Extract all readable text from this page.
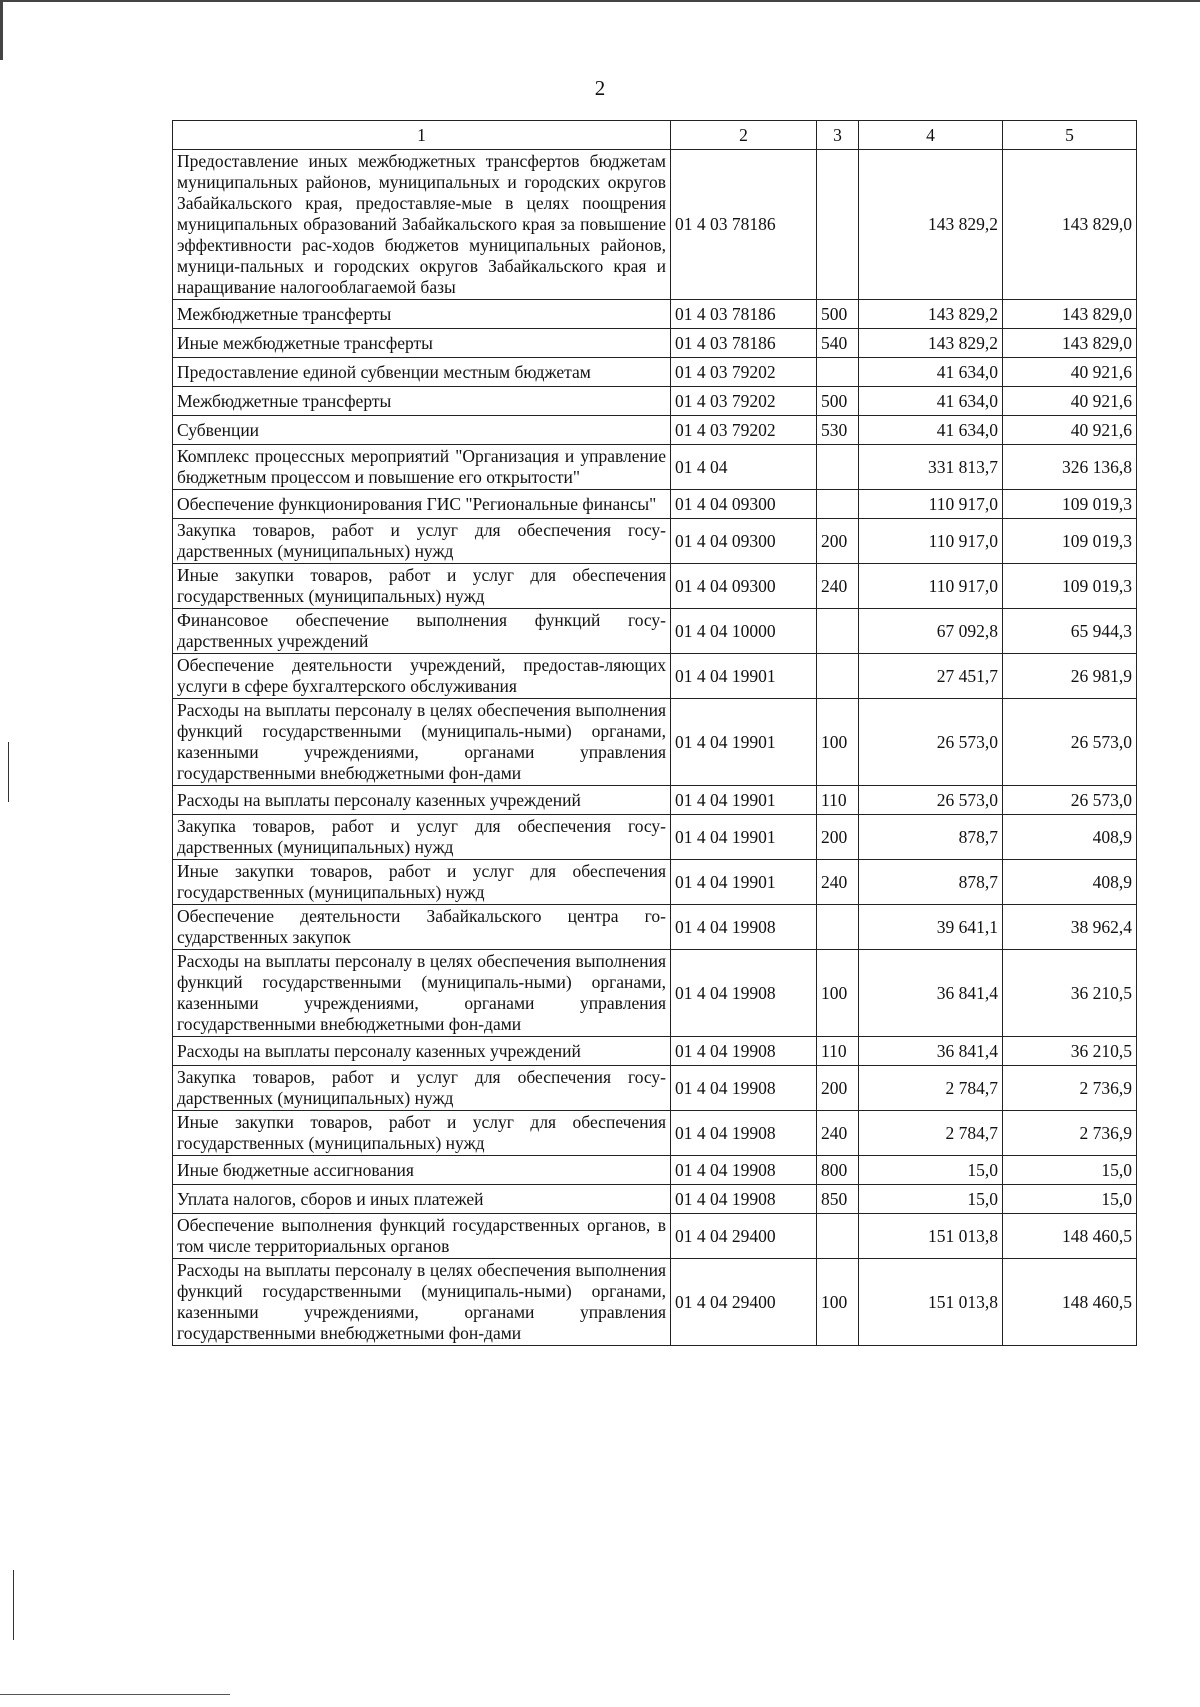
2
1	2	3	4	5
Предоставление иных межбюджетных трансфертов бюджетам муниципальных районов, муниципальных и городских округов Забайкальского края, предоставляе-мые в целях поощрения муниципальных образований Забайкальского края за повышение эффективности рас-ходов бюджетов муниципальных районов, муници-пальных и городских округов Забайкальского края и наращивание налогооблагаемой базы	01 4 03 78186		143 829,2	143 829,0
Межбюджетные трансферты	01 4 03 78186	500	143 829,2	143 829,0
Иные межбюджетные трансферты	01 4 03 78186	540	143 829,2	143 829,0
Предоставление единой субвенции местным бюджетам	01 4 03 79202		41 634,0	40 921,6
Межбюджетные трансферты	01 4 03 79202	500	41 634,0	40 921,6
Субвенции	01 4 03 79202	530	41 634,0	40 921,6
Комплекс процессных мероприятий "Организация и управление бюджетным процессом и повышение его открытости"	01 4 04		331 813,7	326 136,8
Обеспечение функционирования ГИС "Региональные финансы"	01 4 04 09300		110 917,0	109 019,3
Закупка товаров, работ и услуг для обеспечения госу-дарственных (муниципальных) нужд	01 4 04 09300	200	110 917,0	109 019,3
Иные закупки товаров, работ и услуг для обеспечения государственных (муниципальных) нужд	01 4 04 09300	240	110 917,0	109 019,3
Финансовое обеспечение выполнения функций госу-дарственных учреждений	01 4 04 10000		67 092,8	65 944,3
Обеспечение деятельности учреждений, предостав-ляющих услуги в сфере бухгалтерского обслуживания	01 4 04 19901		27 451,7	26 981,9
Расходы на выплаты персоналу в целях обеспечения выполнения функций государственными (муниципаль-ными) органами, казенными учреждениями, органами управления государственными внебюджетными фон-дами	01 4 04 19901	100	26 573,0	26 573,0
Расходы на выплаты персоналу казенных учреждений	01 4 04 19901	110	26 573,0	26 573,0
Закупка товаров, работ и услуг для обеспечения госу-дарственных (муниципальных) нужд	01 4 04 19901	200	878,7	408,9
Иные закупки товаров, работ и услуг для обеспечения государственных (муниципальных) нужд	01 4 04 19901	240	878,7	408,9
Обеспечение деятельности Забайкальского центра го-сударственных закупок	01 4 04 19908		39 641,1	38 962,4
Расходы на выплаты персоналу в целях обеспечения выполнения функций государственными (муниципаль-ными) органами, казенными учреждениями, органами управления государственными внебюджетными фон-дами	01 4 04 19908	100	36 841,4	36 210,5
Расходы на выплаты персоналу казенных учреждений	01 4 04 19908	110	36 841,4	36 210,5
Закупка товаров, работ и услуг для обеспечения госу-дарственных (муниципальных) нужд	01 4 04 19908	200	2 784,7	2 736,9
Иные закупки товаров, работ и услуг для обеспечения государственных (муниципальных) нужд	01 4 04 19908	240	2 784,7	2 736,9
Иные бюджетные ассигнования	01 4 04 19908	800	15,0	15,0
Уплата налогов, сборов и иных платежей	01 4 04 19908	850	15,0	15,0
Обеспечение выполнения функций государственных органов, в том числе территориальных органов	01 4 04 29400		151 013,8	148 460,5
Расходы на выплаты персоналу в целях обеспечения выполнения функций государственными (муниципаль-ными) органами, казенными учреждениями, органами управления государственными внебюджетными фон-дами	01 4 04 29400	100	151 013,8	148 460,5
